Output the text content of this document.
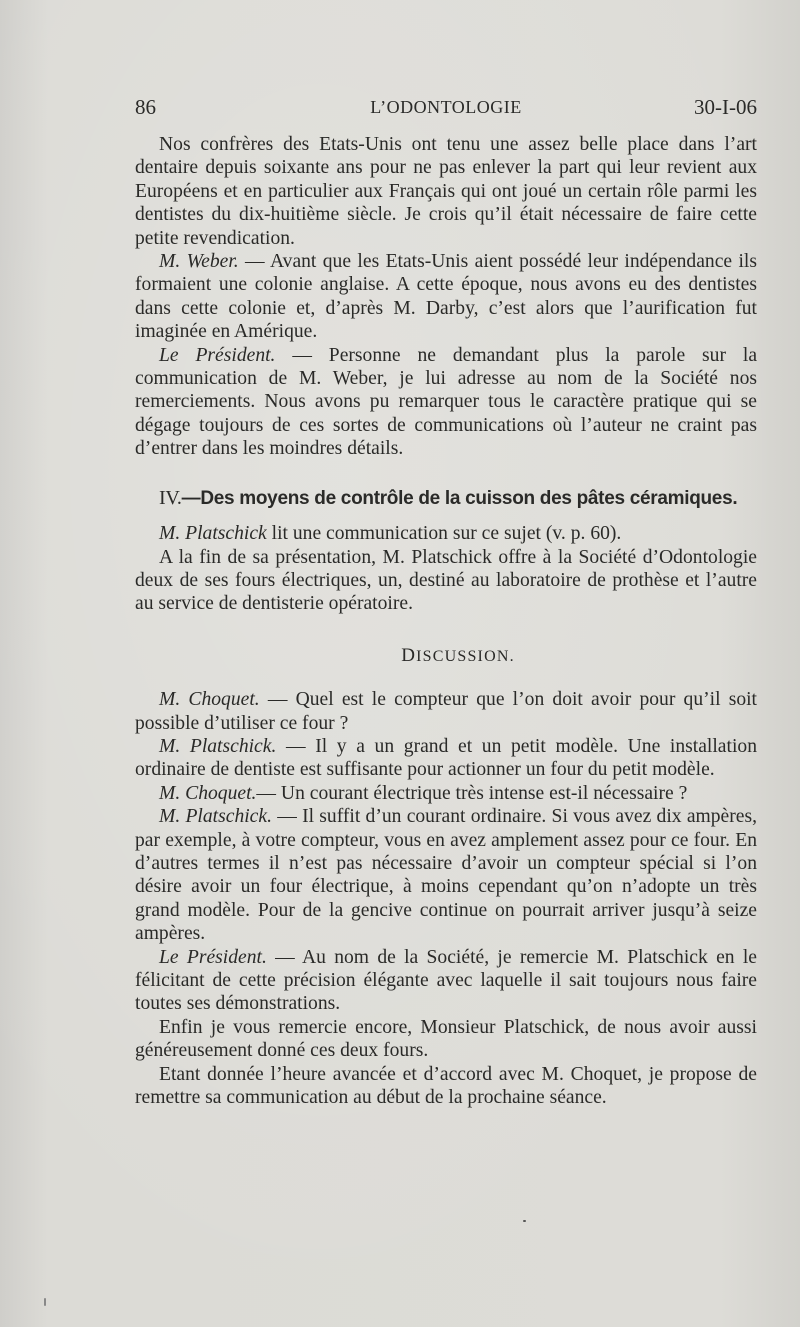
86	L’ODONTOLOGIE	30-I-06

Nos confrères des Etats-Unis ont tenu une assez belle place dans l’art dentaire depuis soixante ans pour ne pas enlever la part qui leur revient aux Européens et en particulier aux Français qui ont joué un certain rôle parmi les dentistes du dix-huitième siècle. Je crois qu’il était nécessaire de faire cette petite revendication.

M. Weber. — Avant que les Etats-Unis aient possédé leur indépendance ils formaient une colonie anglaise. A cette époque, nous avons eu des dentistes dans cette colonie et, d’après M. Darby, c’est alors que l’aurification fut imaginée en Amérique.

Le Président. — Personne ne demandant plus la parole sur la communication de M. Weber, je lui adresse au nom de la Société nos remerciements. Nous avons pu remarquer tous le caractère pratique qui se dégage toujours de ces sortes de communications où l’auteur ne craint pas d’entrer dans les moindres détails.

IV.—Des moyens de contrôle de la cuisson des pâtes céramiques.

M. Platschick lit une communication sur ce sujet (v. p. 60).

A la fin de sa présentation, M. Platschick offre à la Société d’Odontologie deux de ses fours électriques, un, destiné au laboratoire de prothèse et l’autre au service de dentisterie opératoire.

DISCUSSION.

M. Choquet. — Quel est le compteur que l’on doit avoir pour qu’il soit possible d’utiliser ce four ?

M. Platschick. — Il y a un grand et un petit modèle. Une installation ordinaire de dentiste est suffisante pour actionner un four du petit modèle.

M. Choquet.— Un courant électrique très intense est-il nécessaire ?

M. Platschick. — Il suffit d’un courant ordinaire. Si vous avez dix ampères, par exemple, à votre compteur, vous en avez amplement assez pour ce four. En d’autres termes il n’est pas nécessaire d’avoir un compteur spécial si l’on désire avoir un four électrique, à moins cependant qu’on n’adopte un très grand modèle. Pour de la gencive continue on pourrait arriver jusqu’à seize ampères.

Le Président. — Au nom de la Société, je remercie M. Platschick en le félicitant de cette précision élégante avec laquelle il sait toujours nous faire toutes ses démonstrations.

Enfin je vous remercie encore, Monsieur Platschick, de nous avoir aussi généreusement donné ces deux fours.

Etant donnée l’heure avancée et d’accord avec M. Choquet, je propose de remettre sa communication au début de la prochaine séance.
